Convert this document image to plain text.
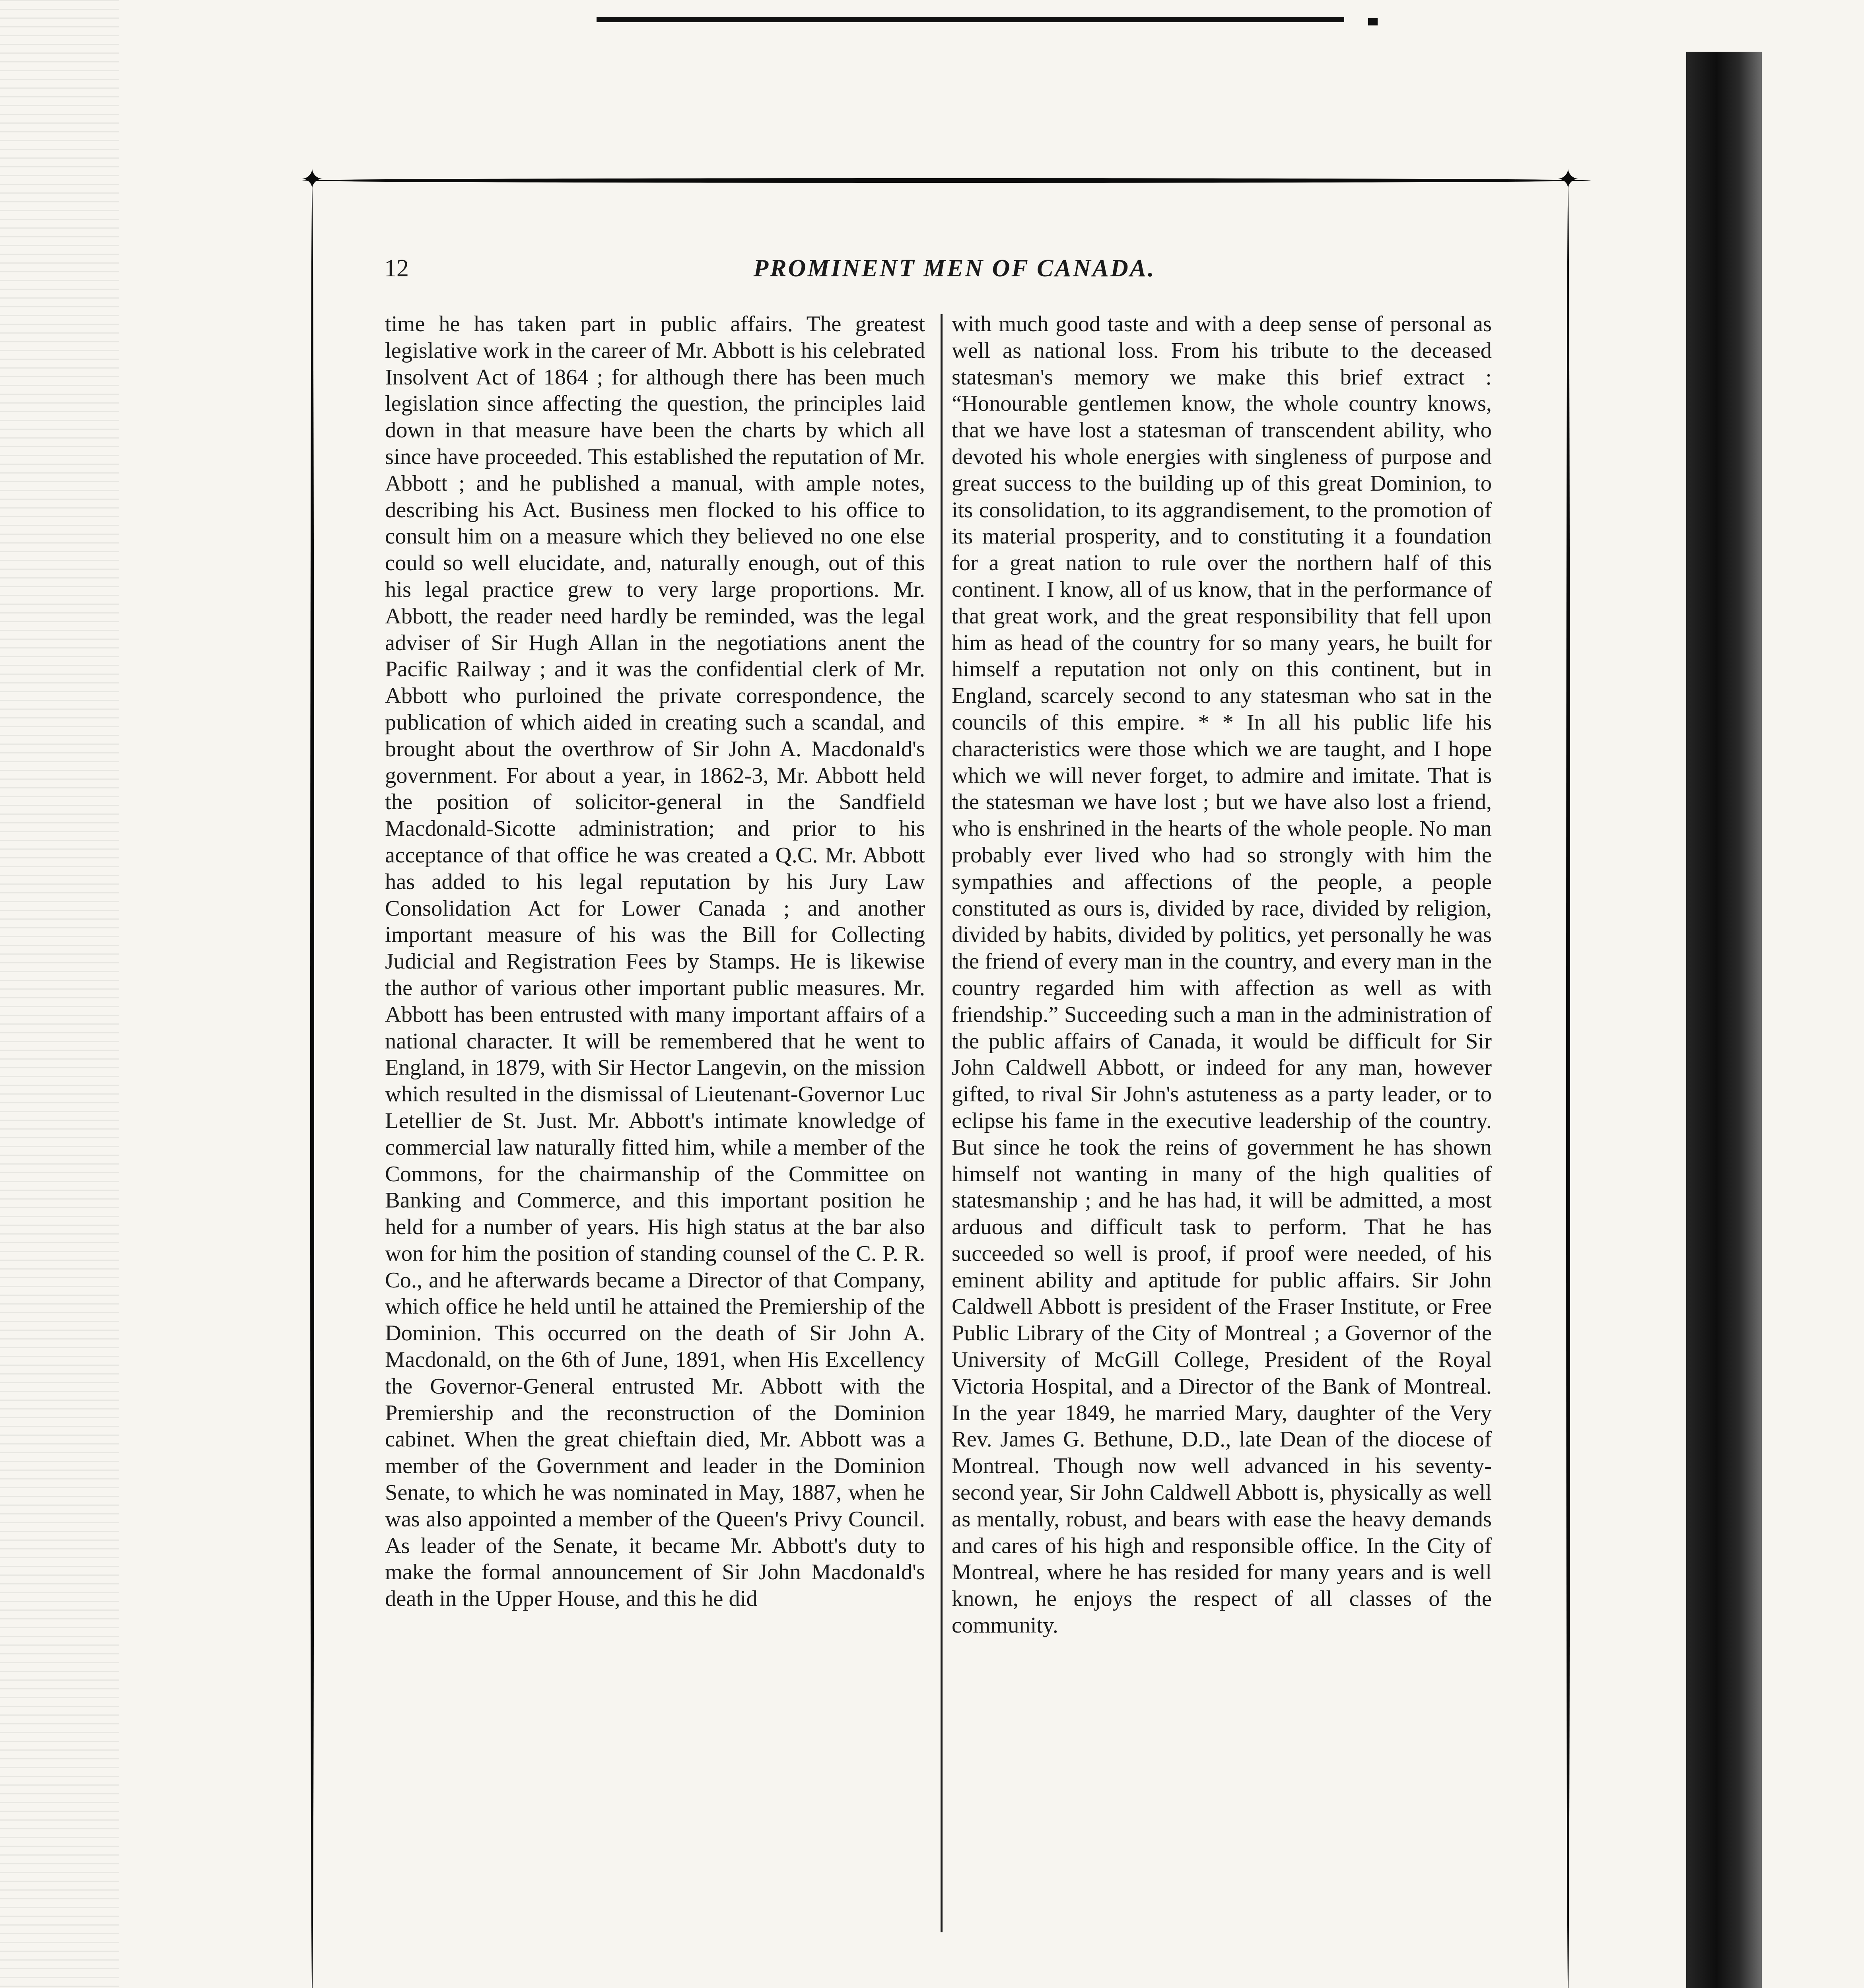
✦	✦
12	PROMINENT MEN OF CANADA.

time he has taken part in public affairs. The greatest legislative work in the career of Mr. Abbott is his celebrated Insolvent Act of 1864 ; for although there has been much legislation since affecting the question, the principles laid down in that measure have been the charts by which all since have proceeded. This established the reputation of Mr. Abbott ; and he published a manual, with ample notes, describing his Act. Business men flocked to his office to consult him on a measure which they believed no one else could so well elucidate, and, naturally enough, out of this his legal practice grew to very large proportions. Mr. Abbott, the reader need hardly be reminded, was the legal adviser of Sir Hugh Allan in the negotiations anent the Pacific Railway ; and it was the confidential clerk of Mr. Abbott who purloined the private correspondence, the publication of which aided in creating such a scandal, and brought about the overthrow of Sir John A. Macdonald's government. For about a year, in 1862-3, Mr. Abbott held the position of solicitor-general in the Sandfield Macdonald-Sicotte administration; and prior to his acceptance of that office he was created a Q.C. Mr. Abbott has added to his legal reputation by his Jury Law Consolidation Act for Lower Canada ; and another important measure of his was the Bill for Collecting Judicial and Registration Fees by Stamps. He is likewise the author of various other important public measures. Mr. Abbott has been entrusted with many important affairs of a national character. It will be remembered that he went to England, in 1879, with Sir Hector Langevin, on the mission which resulted in the dismissal of Lieutenant-Governor Luc Letellier de St. Just. Mr. Abbott's intimate knowledge of commercial law naturally fitted him, while a member of the Commons, for the chairmanship of the Committee on Banking and Commerce, and this important position he held for a number of years. His high status at the bar also won for him the position of standing counsel of the C. P. R. Co., and he afterwards became a Director of that Company, which office he held until he attained the Premiership of the Dominion. This occurred on the death of Sir John A. Macdonald, on the 6th of June, 1891, when His Excellency the Governor-General entrusted Mr. Abbott with the Premiership and the reconstruction of the Dominion cabinet. When the great chieftain died, Mr. Abbott was a member of the Government and leader in the Dominion Senate, to which he was nominated in May, 1887, when he was also appointed a member of the Queen's Privy Council. As leader of the Senate, it became Mr. Abbott's duty to make the formal announcement of Sir John Macdonald's death in the Upper House, and this he did

with much good taste and with a deep sense of personal as well as national loss. From his tribute to the deceased statesman's memory we make this brief extract : “Honourable gentlemen know, the whole country knows, that we have lost a statesman of transcendent ability, who devoted his whole energies with singleness of purpose and great success to the building up of this great Dominion, to its consolidation, to its aggrandisement, to the promotion of its material prosperity, and to constituting it a foundation for a great nation to rule over the northern half of this continent. I know, all of us know, that in the performance of that great work, and the great responsibility that fell upon him as head of the country for so many years, he built for himself a reputation not only on this continent, but in England, scarcely second to any statesman who sat in the councils of this empire. * * In all his public life his characteristics were those which we are taught, and I hope which we will never forget, to admire and imitate. That is the statesman we have lost ; but we have also lost a friend, who is enshrined in the hearts of the whole people. No man probably ever lived who had so strongly with him the sympathies and affections of the people, a people constituted as ours is, divided by race, divided by religion, divided by habits, divided by politics, yet personally he was the friend of every man in the country, and every man in the country regarded him with affection as well as with friendship.” Succeeding such a man in the administration of the public affairs of Canada, it would be difficult for Sir John Caldwell Abbott, or indeed for any man, however gifted, to rival Sir John's astuteness as a party leader, or to eclipse his fame in the executive leadership of the country. But since he took the reins of government he has shown himself not wanting in many of the high qualities of statesmanship ; and he has had, it will be admitted, a most arduous and difficult task to perform. That he has succeeded so well is proof, if proof were needed, of his eminent ability and aptitude for public affairs. Sir John Caldwell Abbott is president of the Fraser Institute, or Free Public Library of the City of Montreal ; a Governor of the University of McGill College, President of the Royal Victoria Hospital, and a Director of the Bank of Montreal. In the year 1849, he married Mary, daughter of the Very Rev. James G. Bethune, D.D., late Dean of the diocese of Montreal. Though now well advanced in his seventy-second year, Sir John Caldwell Abbott is, physically as well as mentally, robust, and bears with ease the heavy demands and cares of his high and responsible office. In the City of Montreal, where he has resided for many years and is well known, he enjoys the respect of all classes of the community.
